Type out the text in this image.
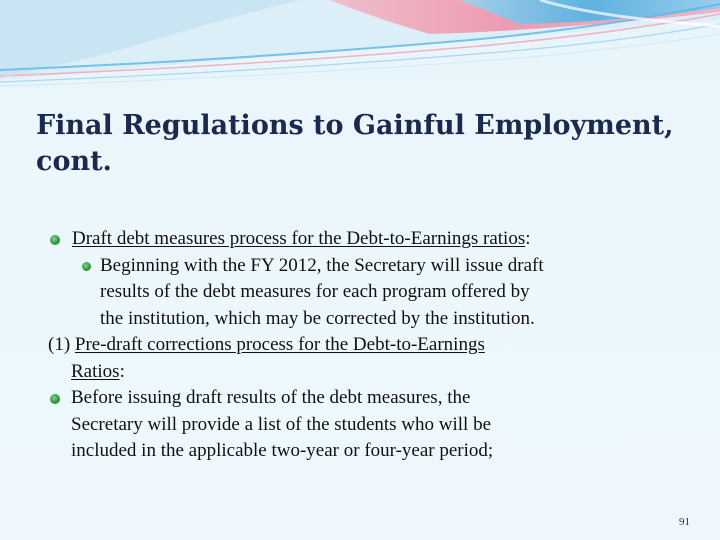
Final Regulations to Gainful Employment,
cont.
Draft debt measures process for the Debt-to-Earnings ratios:
Beginning with the FY 2012, the Secretary will issue draft
results of the debt measures for each program offered by
the institution, which may be corrected by the institution.
(1) Pre-draft corrections process for the Debt-to-Earnings
Ratios:
Before issuing draft results of the debt measures, the
Secretary will provide a list of the students who will be
included in the applicable two-year or four-year period;
91
